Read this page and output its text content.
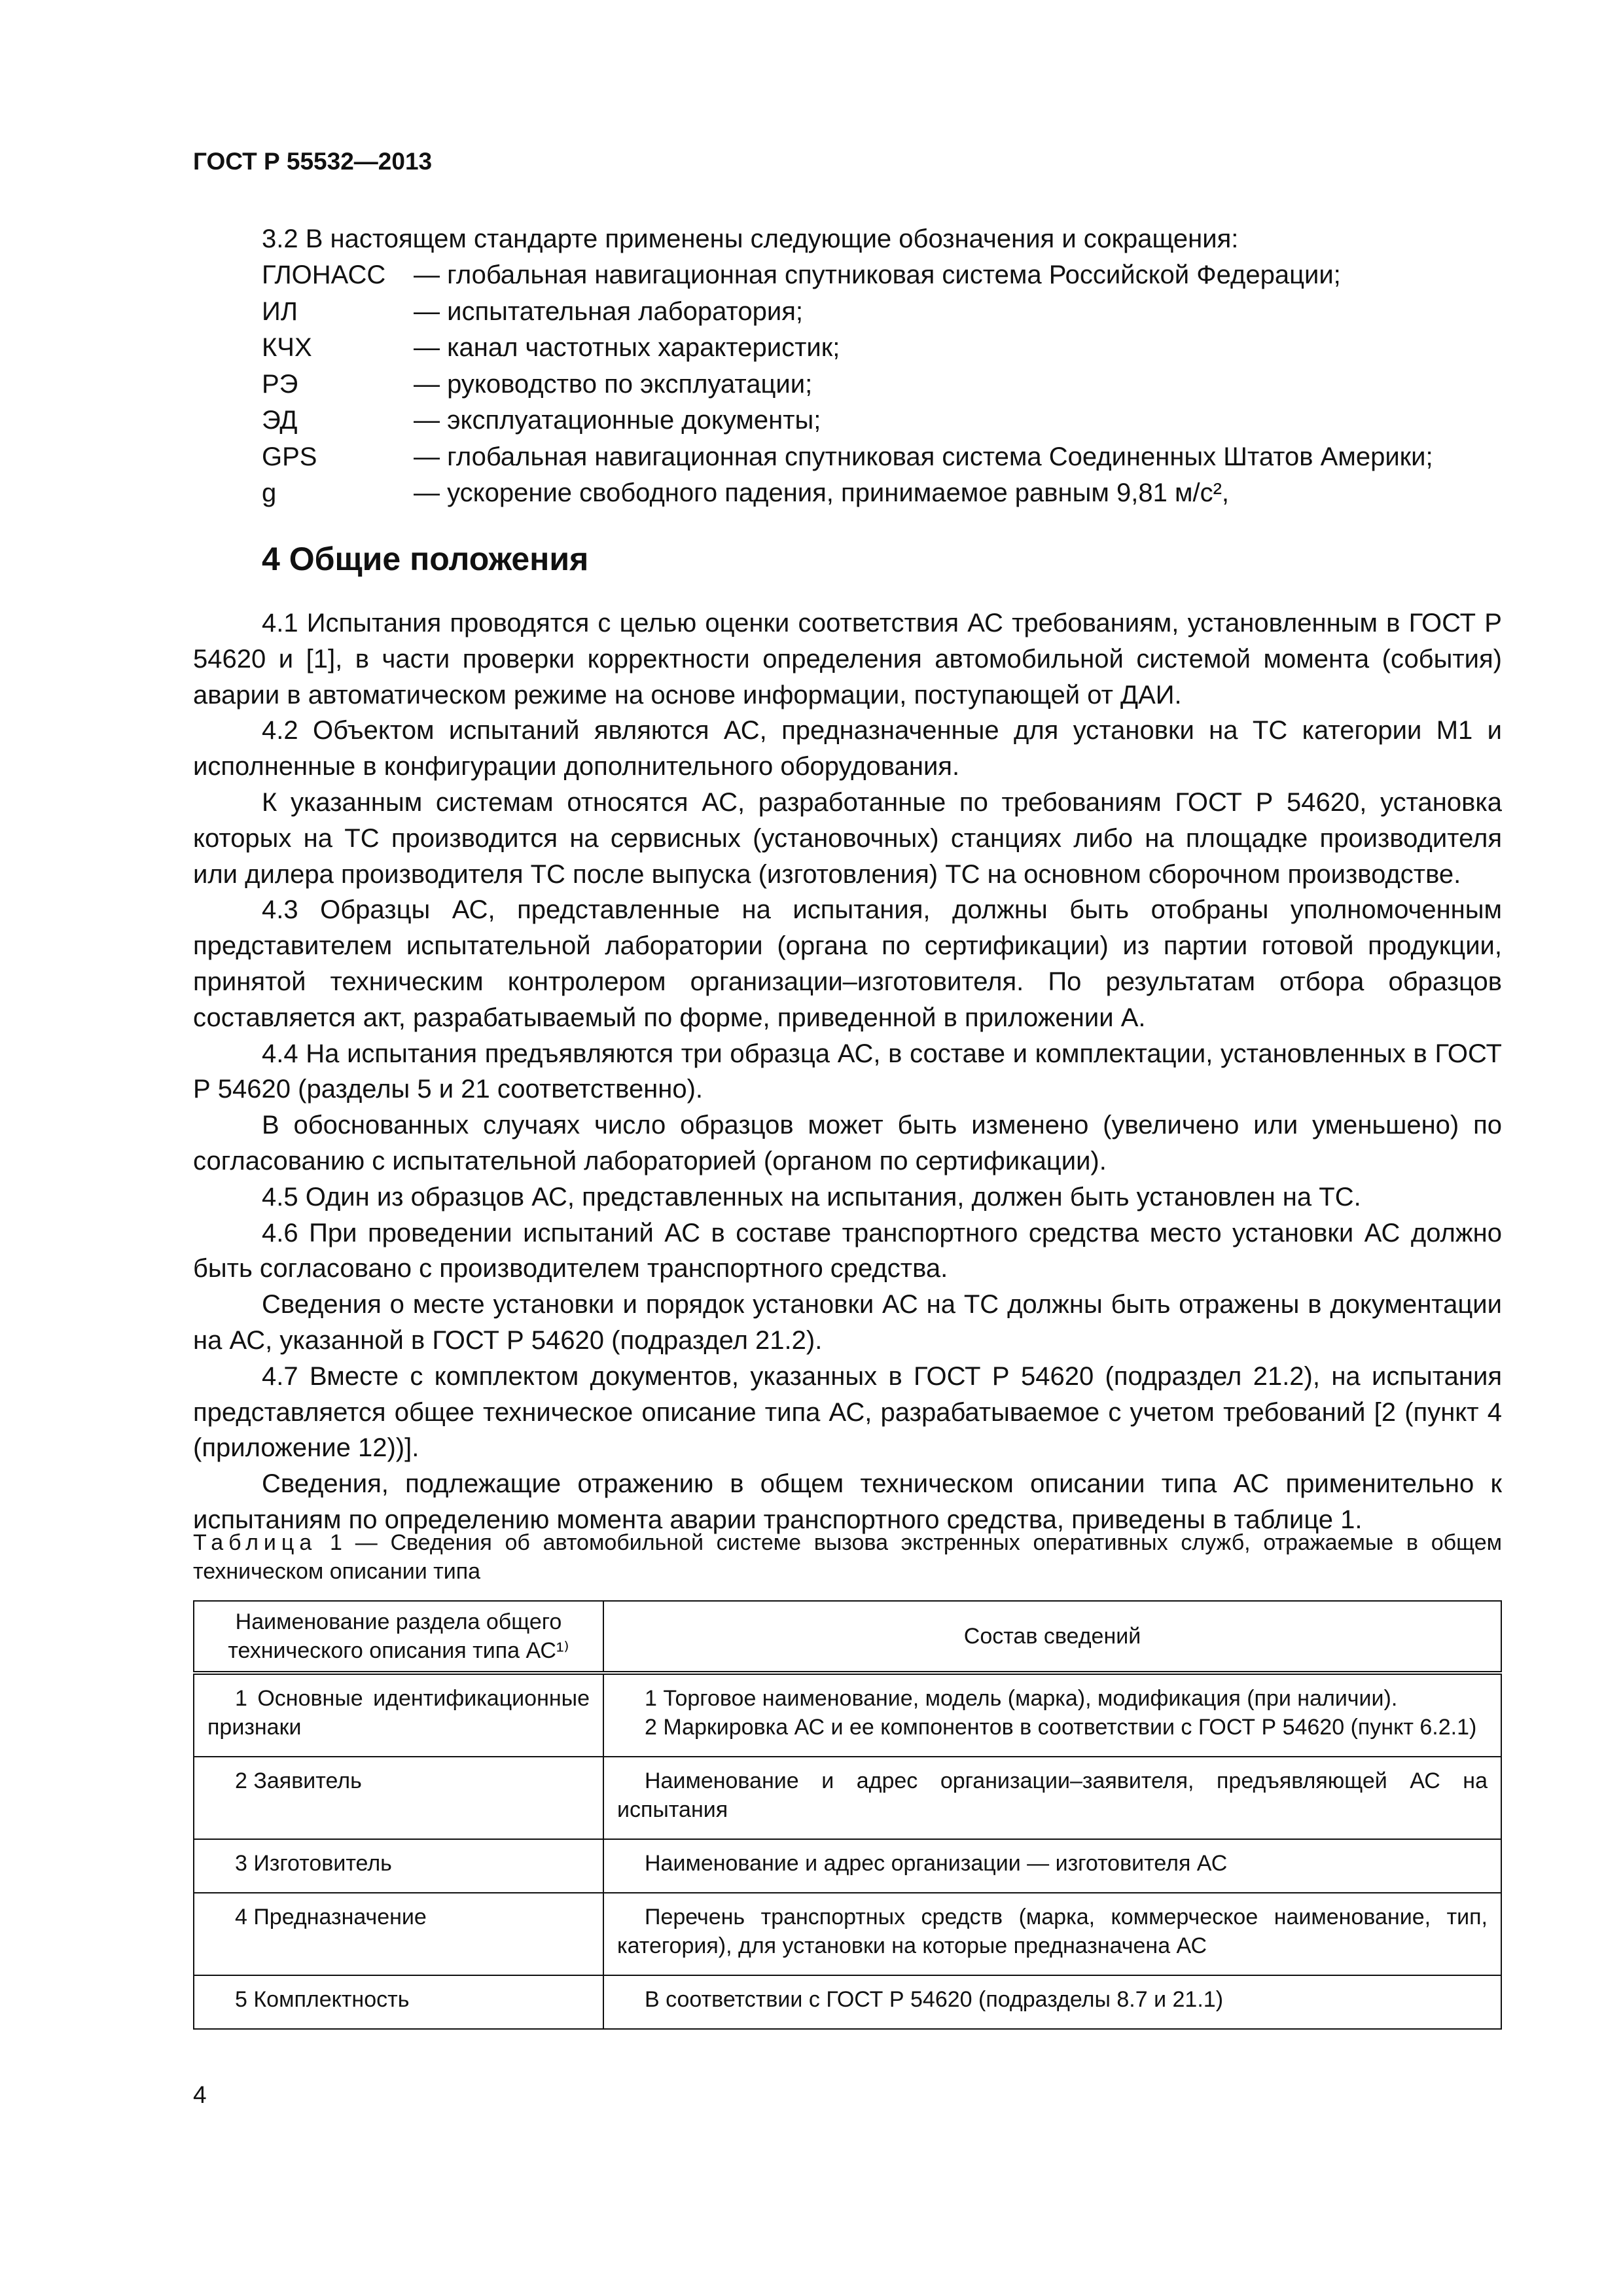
ГОСТ Р 55532—2013
3.2 В настоящем стандарте применены следующие обозначения и сокращения:
ГЛОНАСС	— глобальная навигационная спутниковая система Российской Федерации;
ИЛ	— испытательная лаборатория;
КЧХ	— канал частотных характеристик;
РЭ	— руководство по эксплуатации;
ЭД	— эксплуатационные документы;
GPS	— глобальная навигационная спутниковая система Соединенных Штатов Америки;
g	— ускорение свободного падения, принимаемое равным 9,81 м/с²,
4 Общие положения

4.1 Испытания проводятся с целью оценки соответствия АС требованиям, установленным в ГОСТ Р 54620 и [1], в части проверки корректности определения автомобильной системой момента (события) аварии в автоматическом режиме на основе информации, поступающей от ДАИ.

4.2 Объектом испытаний являются АС, предназначенные для установки на ТС категории M1 и исполненные в конфигурации дополнительного оборудования.

К указанным системам относятся АС, разработанные по требованиям ГОСТ Р 54620, установка которых на ТС производится на сервисных (установочных) станциях либо на площадке производителя или дилера производителя ТС после выпуска (изготовления) ТС на основном сборочном производстве.

4.3 Образцы АС, представленные на испытания, должны быть отобраны уполномоченным представителем испытательной лаборатории (органа по сертификации) из партии готовой продукции, принятой техническим контролером организации–изготовителя. По результатам отбора образцов составляется акт, разрабатываемый по форме, приведенной в приложении А.

4.4 На испытания предъявляются три образца АС, в составе и комплектации, установленных в ГОСТ Р 54620 (разделы 5 и 21 соответственно).

В обоснованных случаях число образцов может быть изменено (увеличено или уменьшено) по согласованию с испытательной лабораторией (органом по сертификации).

4.5 Один из образцов АС, представленных на испытания, должен быть установлен на ТС.

4.6 При проведении испытаний АС в составе транспортного средства место установки АС должно быть согласовано с производителем транспортного средства.

Сведения о месте установки и порядок установки АС на ТС должны быть отражены в документации на АС, указанной в ГОСТ Р 54620 (подраздел 21.2).

4.7 Вместе с комплектом документов, указанных в ГОСТ Р 54620 (подраздел 21.2), на испытания представляется общее техническое описание типа АС, разрабатываемое с учетом требований [2 (пункт 4 (приложение 12))].

Сведения, подлежащие отражению в общем техническом описании типа АС применительно к испытаниям по определению момента аварии транспортного средства, приведены в таблице 1.

Таблица 1 — Сведения об автомобильной системе вызова экстренных оперативных служб, отражаемые в общем техническом описании типа
Наименование раздела общего технического описания типа АС¹⁾	Состав сведений

1 Основные идентификационные признаки	1 Торговое наименование, модель (марка), модификация (при наличии).

2 Маркировка АС и ее компонентов в соответствии с ГОСТ Р 54620 (пункт 6.2.1)

2 Заявитель	Наименование и адрес организации–заявителя, предъявляющей АС на испытания

3 Изготовитель	Наименование и адрес организации — изготовителя АС

4 Предназначение	Перечень транспортных средств (марка, коммерческое наименование, тип, категория), для установки на которые предназначена АС

5 Комплектность	В соответствии с ГОСТ Р 54620 (подразделы 8.7 и 21.1)

4
